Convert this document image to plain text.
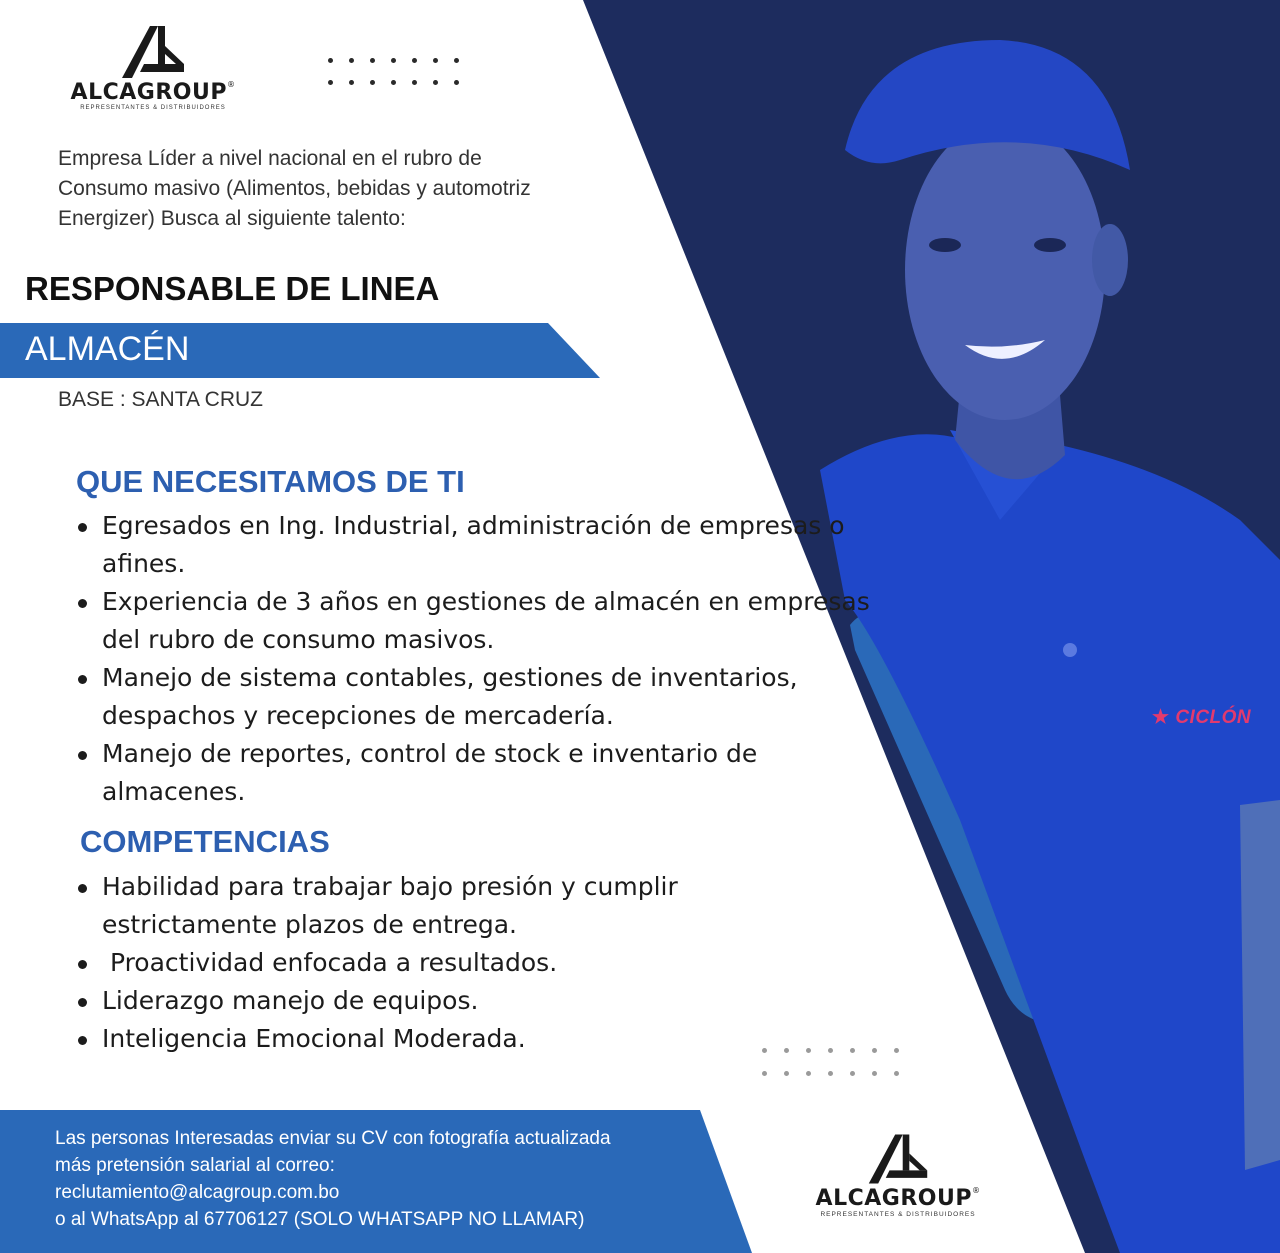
ALCAGROUP®
REPRESENTANTES & DISTRIBUIDORES

Empresa Líder a nivel nacional en el rubro de
Consumo masivo (Alimentos, bebidas y automotriz
Energizer) Busca al siguiente talento:

RESPONSABLE DE LINEA
ALMACÉN

BASE : SANTA CRUZ

QUE NECESITAMOS DE TI
Egresados en Ing. Industrial, administración de empresas o afines.
Experiencia de 3 años en gestiones de almacén en empresas del rubro de consumo masivos.
Manejo de sistema contables, gestiones de inventarios, despachos y recepciones de mercadería.
Manejo de reportes, control de stock e inventario de almacenes.
COMPETENCIAS
Habilidad para trabajar bajo presión y cumplir estrictamente plazos de entrega.
Proactividad enfocada a resultados.
Liderazgo manejo de equipos.
Inteligencia Emocional Moderada.
★ CICLÓN

Las personas Interesadas enviar su CV con fotografía actualizada
más pretensión salarial al correo:
reclutamiento@alcagroup.com.bo
o al WhatsApp al 67706127 (SOLO WHATSAPP NO LLAMAR)

ALCAGROUP®
REPRESENTANTES & DISTRIBUIDORES
